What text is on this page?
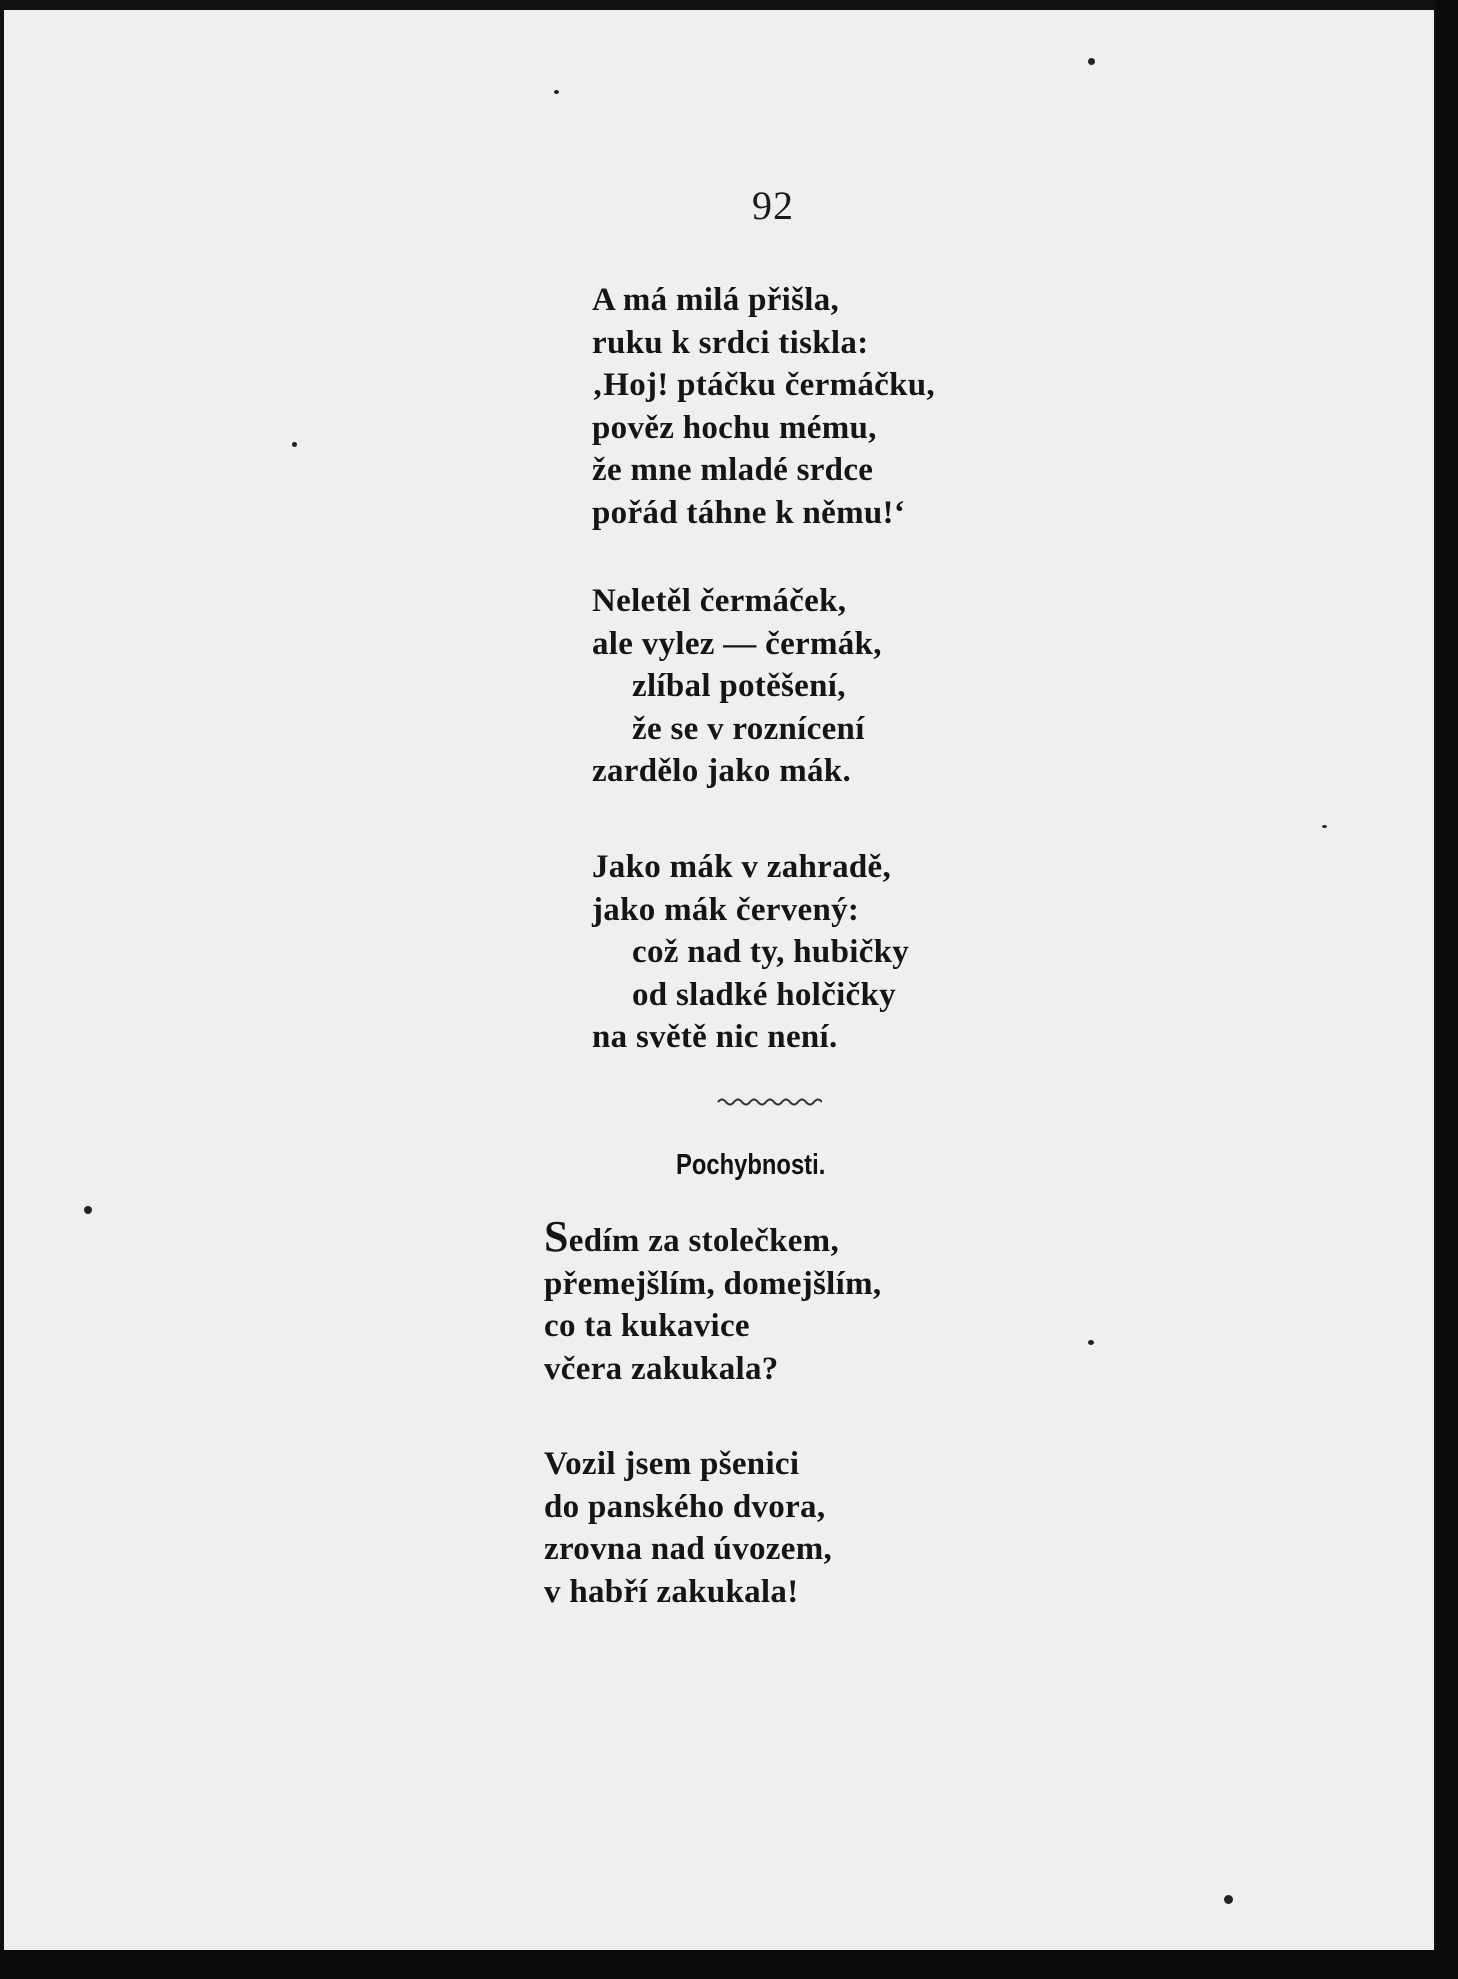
92
A má milá přišla,
ruku k srdci tiskla:
‚Hoj! ptáčku čermáčku,
pověz hochu mému,
že mne mladé srdce
pořád táhne k němu!‘
Neletěl čermáček,
ale vylez — čermák,
zlíbal potěšení,
že se v roznícení
zardělo jako mák.
Jako mák v zahradě,
jako mák červený:
což nad ty, hubičky
od sladké holčičky
na světě nic není.
Pochybnosti.
Sedím za stolečkem,
přemejšlím, domejšlím,
co ta kukavice
včera zakukala?
Vozil jsem pšenici
do panského dvora,
zrovna nad úvozem,
v habří zakukala!
